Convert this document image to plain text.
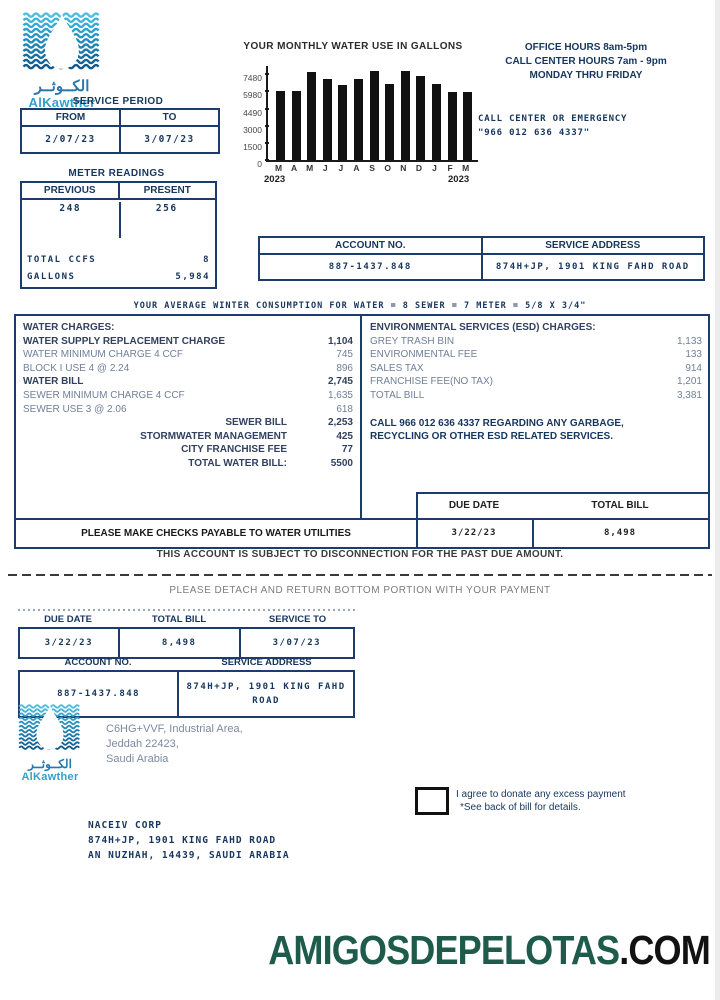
الكــوثــر
AlKawther
SERVICE PERIOD
FROM	TO
2/07/23	3/07/23
METER READINGS
PREVIOUS	PRESENT
248	256
TOTAL CCFS	8
GALLONS	5,984
YOUR MONTHLY WATER USE IN GALLONS
7480
5980
4490
3000
1500
0	M	A	M	J	J	A	S	O	N	D	J	F	M
2023	2023
OFFICE HOURS 8am-5pm
CALL CENTER HOURS 7am - 9pm
MONDAY THRU FRIDAY
CALL CENTER OR EMERGENCY
"966 012 636 4337"
ACCOUNT NO.	SERVICE ADDRESS
887-1437.848	874H+JP, 1901 KING FAHD ROAD
YOUR AVERAGE WINTER CONSUMPTION FOR WATER = 8 SEWER = 7 METER = 5/8 X 3/4"
WATER CHARGES:
WATER SUPPLY REPLACEMENT CHARGE	1,104
WATER MINIMUM CHARGE 4 CCF	745
BLOCK I USE 4 @ 2.24	896
WATER BILL	2,745
SEWER MINIMUM CHARGE 4 CCF	1,635
SEWER USE 3 @ 2.06	618
SEWER BILL	2,253
STORMWATER MANAGEMENT	425
CITY FRANCHISE FEE	77
TOTAL WATER BILL:	5500
ENVIRONMENTAL SERVICES (ESD) CHARGES:
GREY TRASH BIN	1,133
ENVIRONMENTAL FEE	133
SALES TAX	914
FRANCHISE FEE(NO TAX)	1,201
TOTAL BILL	3,381
CALL 966 012 636 4337 REGARDING ANY GARBAGE,
RECYCLING OR OTHER ESD RELATED SERVICES.
DUE DATE	TOTAL BILL
PLEASE MAKE CHECKS PAYABLE TO WATER UTILITIES	3/22/23	8,498
THIS ACCOUNT IS SUBJECT TO DISCONNECTION FOR THE PAST DUE AMOUNT.
PLEASE DETACH AND RETURN BOTTOM PORTION WITH YOUR PAYMENT
DUE DATE	TOTAL BILL	SERVICE TO
3/22/23	8,498	3/07/23
ACCOUNT NO.	SERVICE ADDRESS
887-1437.848
874H+JP, 1901 KING FAHD
ROAD
الكــوثــر
AlKawther
C6HG+VVF, Industrial Area,
Jeddah 22423,
Saudi Arabia
I agree to donate any excess payment
*See back of bill for details.
NACEIV CORP
874H+JP, 1901 KING FAHD ROAD
AN NUZHAH, 14439, SAUDI ARABIA
AMIGOSDEPELOTAS.COM
